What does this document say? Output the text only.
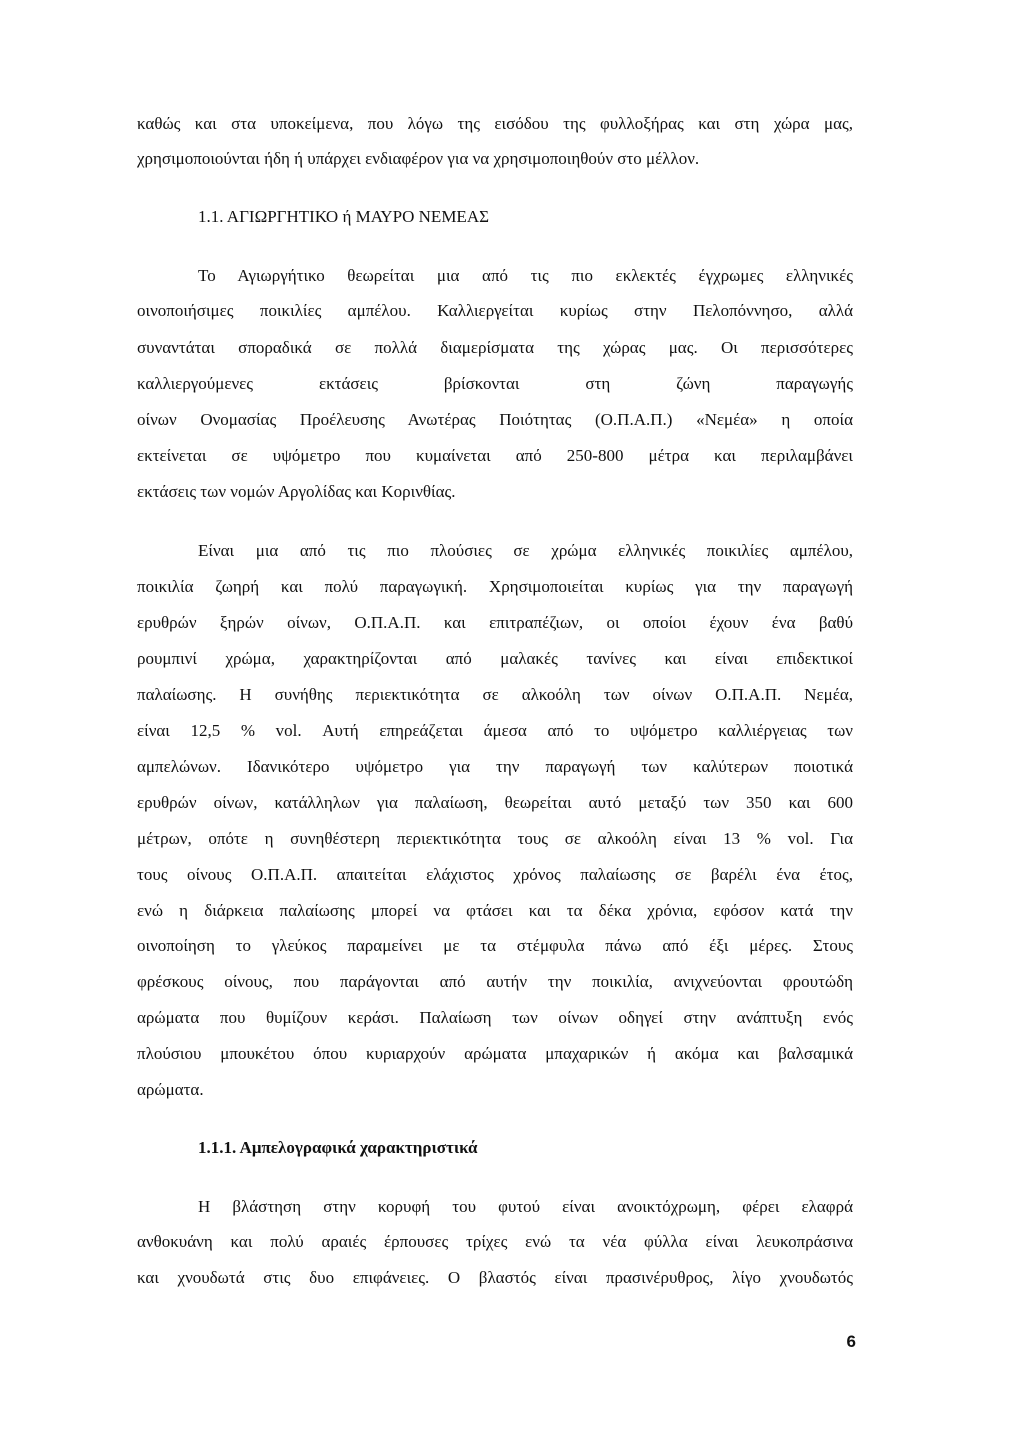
καθώς και στα υποκείμενα, που λόγω της εισόδου της φυλλοξήρας και στη χώρα μας,
χρησιμοποιούνται ήδη ή υπάρχει ενδιαφέρον για να χρησιμοποιηθούν στο μέλλον.
1.1. ΑΓΙΩΡΓΗΤΙΚΟ ή ΜΑΥΡΟ ΝΕΜΕΑΣ
Το Αγιωργήτικο θεωρείται μια από τις πιο εκλεκτές έγχρωμες ελληνικές
οινοποιήσιμες ποικιλίες αμπέλου. Καλλιεργείται κυρίως στην Πελοπόννησο, αλλά
συναντάται σποραδικά σε πολλά διαμερίσματα της χώρας μας. Οι περισσότερες
καλλιεργούμενες εκτάσεις βρίσκονται στη ζώνη παραγωγής
οίνων Ονομασίας Προέλευσης Ανωτέρας Ποιότητας (Ο.Π.Α.Π.) «Νεμέα» η οποία
εκτείνεται σε υψόμετρο που κυμαίνεται από 250-800 μέτρα και περιλαμβάνει
εκτάσεις των νομών Αργολίδας και Κορινθίας.
Είναι μια από τις πιο πλούσιες σε χρώμα ελληνικές ποικιλίες αμπέλου,
ποικιλία ζωηρή και πολύ παραγωγική. Χρησιμοποιείται κυρίως για την παραγωγή
ερυθρών ξηρών οίνων, Ο.Π.Α.Π. και επιτραπέζιων, οι οποίοι έχουν ένα βαθύ
ρουμπινί χρώμα, χαρακτηρίζονται από μαλακές τανίνες και είναι επιδεκτικοί
παλαίωσης. Η συνήθης περιεκτικότητα σε αλκοόλη των οίνων Ο.Π.Α.Π. Νεμέα,
είναι 12,5 % vol. Αυτή επηρεάζεται άμεσα από το υψόμετρο καλλιέργειας των
αμπελώνων. Ιδανικότερο υψόμετρο για την παραγωγή των καλύτερων ποιοτικά
ερυθρών οίνων, κατάλληλων για παλαίωση, θεωρείται αυτό μεταξύ των 350 και 600
μέτρων, οπότε η συνηθέστερη περιεκτικότητα τους σε αλκοόλη είναι 13 % vol. Για
τους οίνους Ο.Π.Α.Π. απαιτείται ελάχιστος χρόνος παλαίωσης σε βαρέλι ένα έτος,
ενώ η διάρκεια παλαίωσης μπορεί να φτάσει και τα δέκα χρόνια, εφόσον κατά την
οινοποίηση το γλεύκος παραμείνει με τα στέμφυλα πάνω από έξι μέρες. Στους
φρέσκους οίνους, που παράγονται από αυτήν την ποικιλία, ανιχνεύονται φρουτώδη
αρώματα που θυμίζουν κεράσι. Παλαίωση των οίνων οδηγεί στην ανάπτυξη ενός
πλούσιου μπουκέτου όπου κυριαρχούν αρώματα μπαχαρικών ή ακόμα και βαλσαμικά
αρώματα.
1.1.1. Αμπελογραφικά χαρακτηριστικά
Η βλάστηση στην κορυφή του φυτού είναι ανοικτόχρωμη, φέρει ελαφρά
ανθοκυάνη και πολύ αραιές έρπουσες τρίχες ενώ τα νέα φύλλα είναι λευκοπράσινα
και χνουδωτά στις δυο επιφάνειες. Ο βλαστός είναι πρασινέρυθρος, λίγο χνουδωτός
6
